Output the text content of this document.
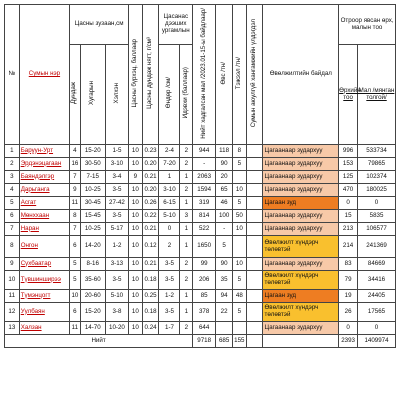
№	Сумын нэр	Цасны зузаан,см			Цасны бүрхэц, баллаар	Цасны дундаж нягт, г/см³	Цасанас дээших ургамлын		Нийт хадгалсан мал /2023.01-15-ы байдлаар/	Өвс /тн/	Тэжээл /тн/	Сумын аюулгүй хангамжийн үлдэгдэл	Өвөлжилтийн байдал	Отроор явсан өрх, малын тоо	
		Дундаж	Хугарын	Хэлхэн			Өндөр /см/	Идэвхи (баллаар)						Өрхийн тоо	Мал /мянган толгой/
1	Баруун-Урт	4	15-20	1-5	10	0.23	2-4	2	944	118	8		Цагаанаар зудархуу	996	533734
2	Эрдэнэцагаан	16	30-50	3-10	10	0.20	7-20	2	-	90	5		Цагаанаар зудархуу	153	79865
3	Баяндэлгэр	7	7-15	3-4	9	0.21	1	1	2063	20			Цагаанаар зудархуу	125	102374
4	Дарьганга	9	10-25	3-5	10	0.20	3-10	2	1594	65	10		Цагаанаар зудархуу	470	180025
5	Асгат	11	30-45	27-42	10	0.26	6-15	1	319	46	5		Цагаан зуд	0	0
6	Мөнххаан	8	15-45	3-5	10	0.22	5-10	3	814	100	50		Цагаанаар зудархуу	15	5835
7	Наран	7	10-25	5-17	10	0.21	0	1	522	-	10		Цагаанаар зудархуу	213	106577
8	Онгон	6	14-20	1-2	10	0.12	2	1	1650	5			Өвөлжилт хүндэрч төлөвтэй	214	241369
9	Сүхбаатар	5	8-16	3-13	10	0.21	3-5	2	99	90	10		Цагаанаар зудархуу	83	84669
10	Түвшинширээ	5	35-60	3-5	10	0.18	3-5	2	206	35	5		Өвөлжилт хүндэрч төлөвтэй	79	34416
11	Түмэнцогт	10	20-60	5-10	10	0.25	1-2	1	85	94	48		Цагаан зуд	19	24405
12	Уулбаян	6	15-20	3-8	10	0.18	3-5	1	378	22	5		Өвөлжилт хүндэрч төлөвтэй	26	17565
13	Халзан	11	14-70	10-20	10	0.24	1-7	2	644				Цагаанаар зудархуу	0	0
Нийт									9718	685	155			2393	1409974
